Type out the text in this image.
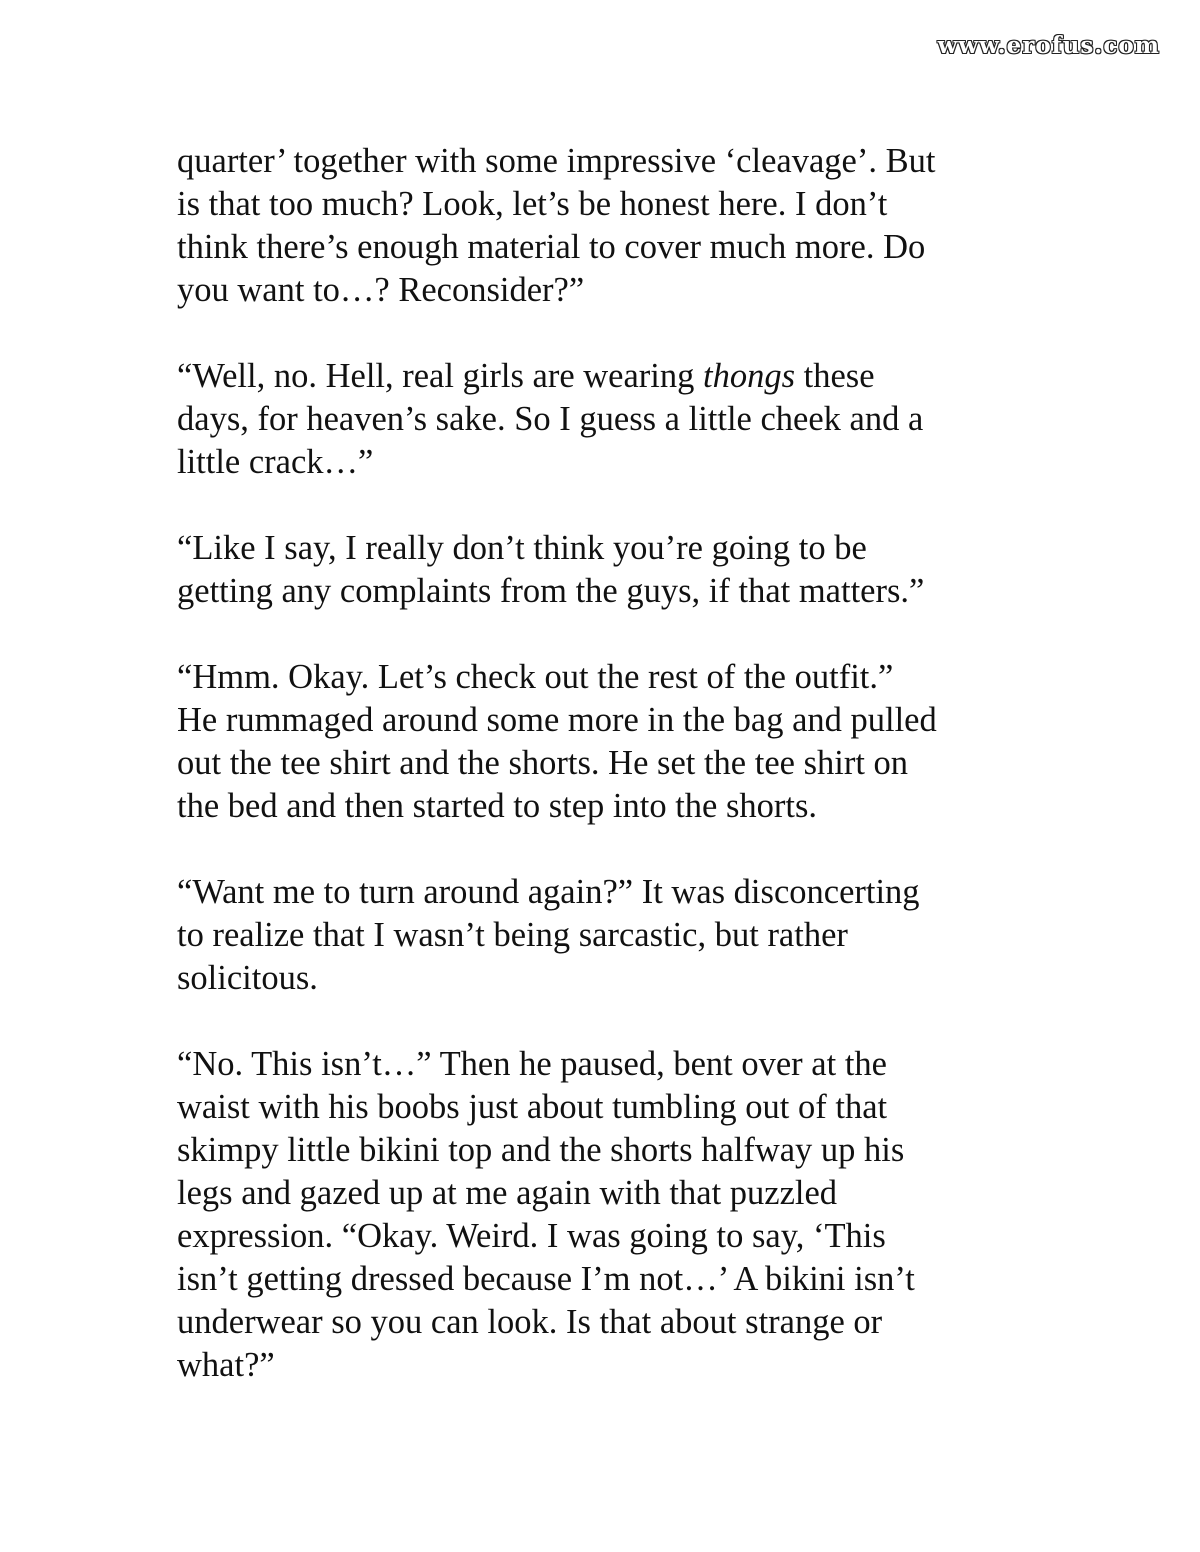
www.erofus.com

quarter’ together with some impressive ‘cleavage’. But
is that too much? Look, let’s be honest here. I don’t
think there’s enough material to cover much more. Do
you want to…? Reconsider?”

“Well, no. Hell, real girls are wearing thongs these
days, for heaven’s sake. So I guess a little cheek and a
little crack…”

“Like I say, I really don’t think you’re going to be
getting any complaints from the guys, if that matters.”

“Hmm. Okay. Let’s check out the rest of the outfit.”
He rummaged around some more in the bag and pulled
out the tee shirt and the shorts. He set the tee shirt on
the bed and then started to step into the shorts.

“Want me to turn around again?” It was disconcerting
to realize that I wasn’t being sarcastic, but rather
solicitous.

“No. This isn’t…” Then he paused, bent over at the
waist with his boobs just about tumbling out of that
skimpy little bikini top and the shorts halfway up his
legs and gazed up at me again with that puzzled
expression. “Okay. Weird. I was going to say, ‘This
isn’t getting dressed because I’m not…’ A bikini isn’t
underwear so you can look. Is that about strange or
what?”
